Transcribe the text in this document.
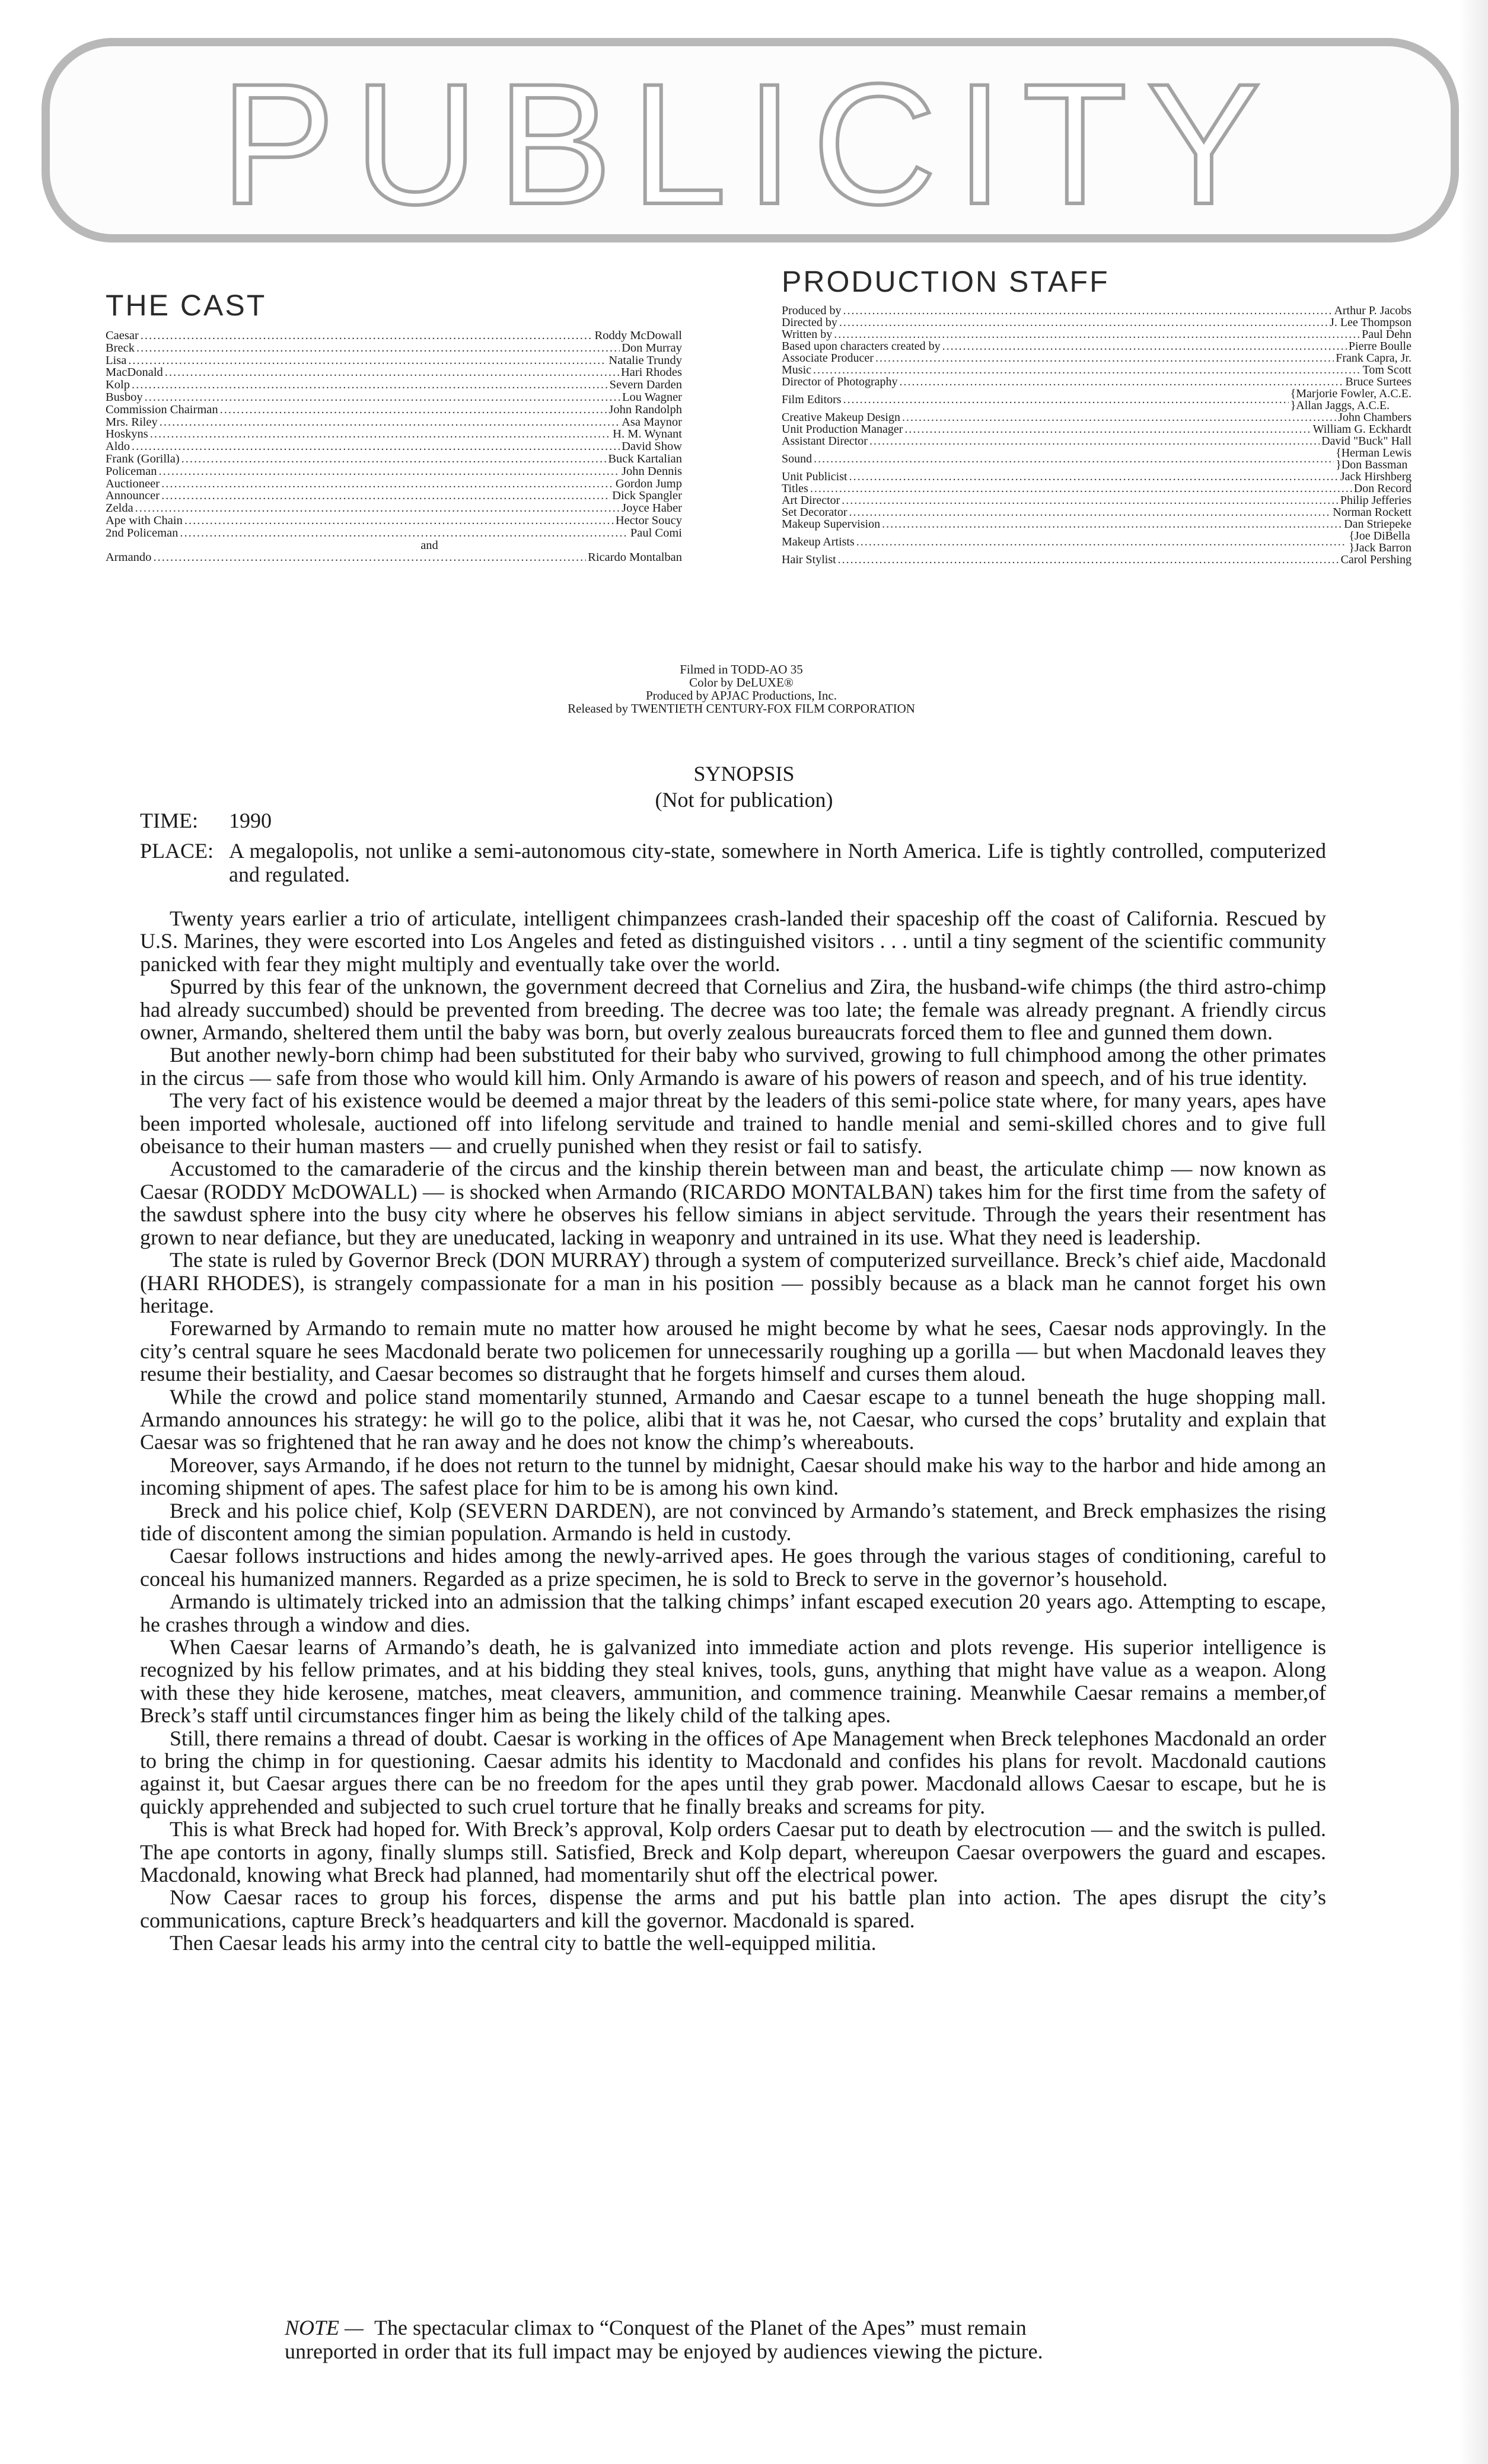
PUBLICITY
THE CAST
Caesar .....	Roddy McDowall
Breck .....	Don Murray
Lisa .....	Natalie Trundy
MacDonald .....	Hari Rhodes
Kolp .....	Severn Darden
Busboy .....	Lou Wagner
Commission Chairman .....	John Randolph
Mrs. Riley .....	Asa Maynor
Hoskyns .....	H. M. Wynant
Aldo .....	David Show
Frank (Gorilla) .....	Buck Kartalian
Policeman .....	John Dennis
Auctioneer .....	Gordon Jump
Announcer .....	Dick Spangler
Zelda .....	Joyce Haber
Ape with Chain .....	Hector Soucy
2nd Policeman .....	Paul Comi
and
Armando .....	Ricardo Montalban
PRODUCTION STAFF
Produced by .....	Arthur P. Jacobs
Directed by .....	J. Lee Thompson
Written by .....	Paul Dehn
Based upon characters created by .....	Pierre Boulle
Associate Producer .....	Frank Capra, Jr.
Music .....	Tom Scott
Director of Photography .....	Bruce Surtees
Film Editors .....	{Marjorie Fowler, A.C.E.
}Allan Jaggs, A.C.E.
Creative Makeup Design .....	John Chambers
Unit Production Manager .....	William G. Eckhardt
Assistant Director .....	David "Buck" Hall
Sound .....	{Herman Lewis
}Don Bassman
Unit Publicist .....	Jack Hirshberg
Titles .....	Don Record
Art Director .....	Philip Jefferies
Set Decorator .....	Norman Rockett
Makeup Supervision .....	Dan Striepeke
Makeup Artists .....	{Joe DiBella
}Jack Barron
Hair Stylist .....	Carol Pershing
Filmed in TODD-AO 35
Color by DeLUXE®
Produced by APJAC Productions, Inc.
Released by TWENTIETH CENTURY-FOX FILM CORPORATION
SYNOPSIS
(Not for publication)
TIME: 1990
PLACE: A megalopolis, not unlike a semi-autonomous city-state, somewhere in North America. Life is tightly controlled, computerized and regulated.

Twenty years earlier a trio of articulate, intelligent chimpanzees crash-landed their spaceship off the coast of California. Rescued by U.S. Marines, they were escorted into Los Angeles and feted as distinguished visitors . . . until a tiny segment of the scientific community panicked with fear they might multiply and eventually take over the world.

Spurred by this fear of the unknown, the government decreed that Cornelius and Zira, the husband-wife chimps (the third astro-chimp had already succumbed) should be prevented from breeding. The decree was too late; the female was already pregnant. A friendly circus owner, Armando, sheltered them until the baby was born, but overly zealous bureaucrats forced them to flee and gunned them down.

But another newly-born chimp had been substituted for their baby who survived, growing to full chimphood among the other primates in the circus — safe from those who would kill him. Only Armando is aware of his powers of reason and speech, and of his true identity.

The very fact of his existence would be deemed a major threat by the leaders of this semi-police state where, for many years, apes have been imported wholesale, auctioned off into lifelong servitude and trained to handle menial and semi-skilled chores and to give full obeisance to their human masters — and cruelly punished when they resist or fail to satisfy.

Accustomed to the camaraderie of the circus and the kinship therein between man and beast, the articulate chimp — now known as Caesar (RODDY McDOWALL) — is shocked when Armando (RICARDO MONTALBAN) takes him for the first time from the safety of the sawdust sphere into the busy city where he observes his fellow simians in abject servitude. Through the years their resentment has grown to near defiance, but they are uneducated, lacking in weaponry and untrained in its use. What they need is leadership.

The state is ruled by Governor Breck (DON MURRAY) through a system of computerized surveillance. Breck’s chief aide, Macdonald (HARI RHODES), is strangely compassionate for a man in his position — possibly because as a black man he cannot forget his own heritage.

Forewarned by Armando to remain mute no matter how aroused he might become by what he sees, Caesar nods approvingly. In the city’s central square he sees Macdonald berate two policemen for unnecessarily roughing up a gorilla — but when Macdonald leaves they resume their bestiality, and Caesar becomes so distraught that he forgets himself and curses them aloud.

While the crowd and police stand momentarily stunned, Armando and Caesar escape to a tunnel beneath the huge shopping mall. Armando announces his strategy: he will go to the police, alibi that it was he, not Caesar, who cursed the cops’ brutality and explain that Caesar was so frightened that he ran away and he does not know the chimp’s whereabouts.

Moreover, says Armando, if he does not return to the tunnel by midnight, Caesar should make his way to the harbor and hide among an incoming shipment of apes. The safest place for him to be is among his own kind.

Breck and his police chief, Kolp (SEVERN DARDEN), are not convinced by Armando’s statement, and Breck emphasizes the rising tide of discontent among the simian population. Armando is held in custody.

Caesar follows instructions and hides among the newly-arrived apes. He goes through the various stages of conditioning, careful to conceal his humanized manners. Regarded as a prize specimen, he is sold to Breck to serve in the governor’s household.

Armando is ultimately tricked into an admission that the talking chimps’ infant escaped execution 20 years ago. Attempting to escape, he crashes through a window and dies.

When Caesar learns of Armando’s death, he is galvanized into immediate action and plots revenge. His superior intelligence is recognized by his fellow primates, and at his bidding they steal knives, tools, guns, anything that might have value as a weapon. Along with these they hide kerosene, matches, meat cleavers, ammunition, and commence training. Meanwhile Caesar remains a member,of Breck’s staff until circumstances finger him as being the likely child of the talking apes.

Still, there remains a thread of doubt. Caesar is working in the offices of Ape Management when Breck telephones Macdonald an order to bring the chimp in for questioning. Caesar admits his identity to Macdonald and confides his plans for revolt. Macdonald cautions against it, but Caesar argues there can be no freedom for the apes until they grab power. Macdonald allows Caesar to escape, but he is quickly apprehended and subjected to such cruel torture that he finally breaks and screams for pity.

This is what Breck had hoped for. With Breck’s approval, Kolp orders Caesar put to death by electrocution — and the switch is pulled. The ape contorts in agony, finally slumps still. Satisfied, Breck and Kolp depart, whereupon Caesar overpowers the guard and escapes. Macdonald, knowing what Breck had planned, had momentarily shut off the electrical power.

Now Caesar races to group his forces, dispense the arms and put his battle plan into action. The apes disrupt the city’s communications, capture Breck’s headquarters and kill the governor. Macdonald is spared.

Then Caesar leads his army into the central city to battle the well-equipped militia.

NOTE — The spectacular climax to “Conquest of the Planet of the Apes” must remain

unreported in order that its full impact may be enjoyed by audiences viewing the picture.
